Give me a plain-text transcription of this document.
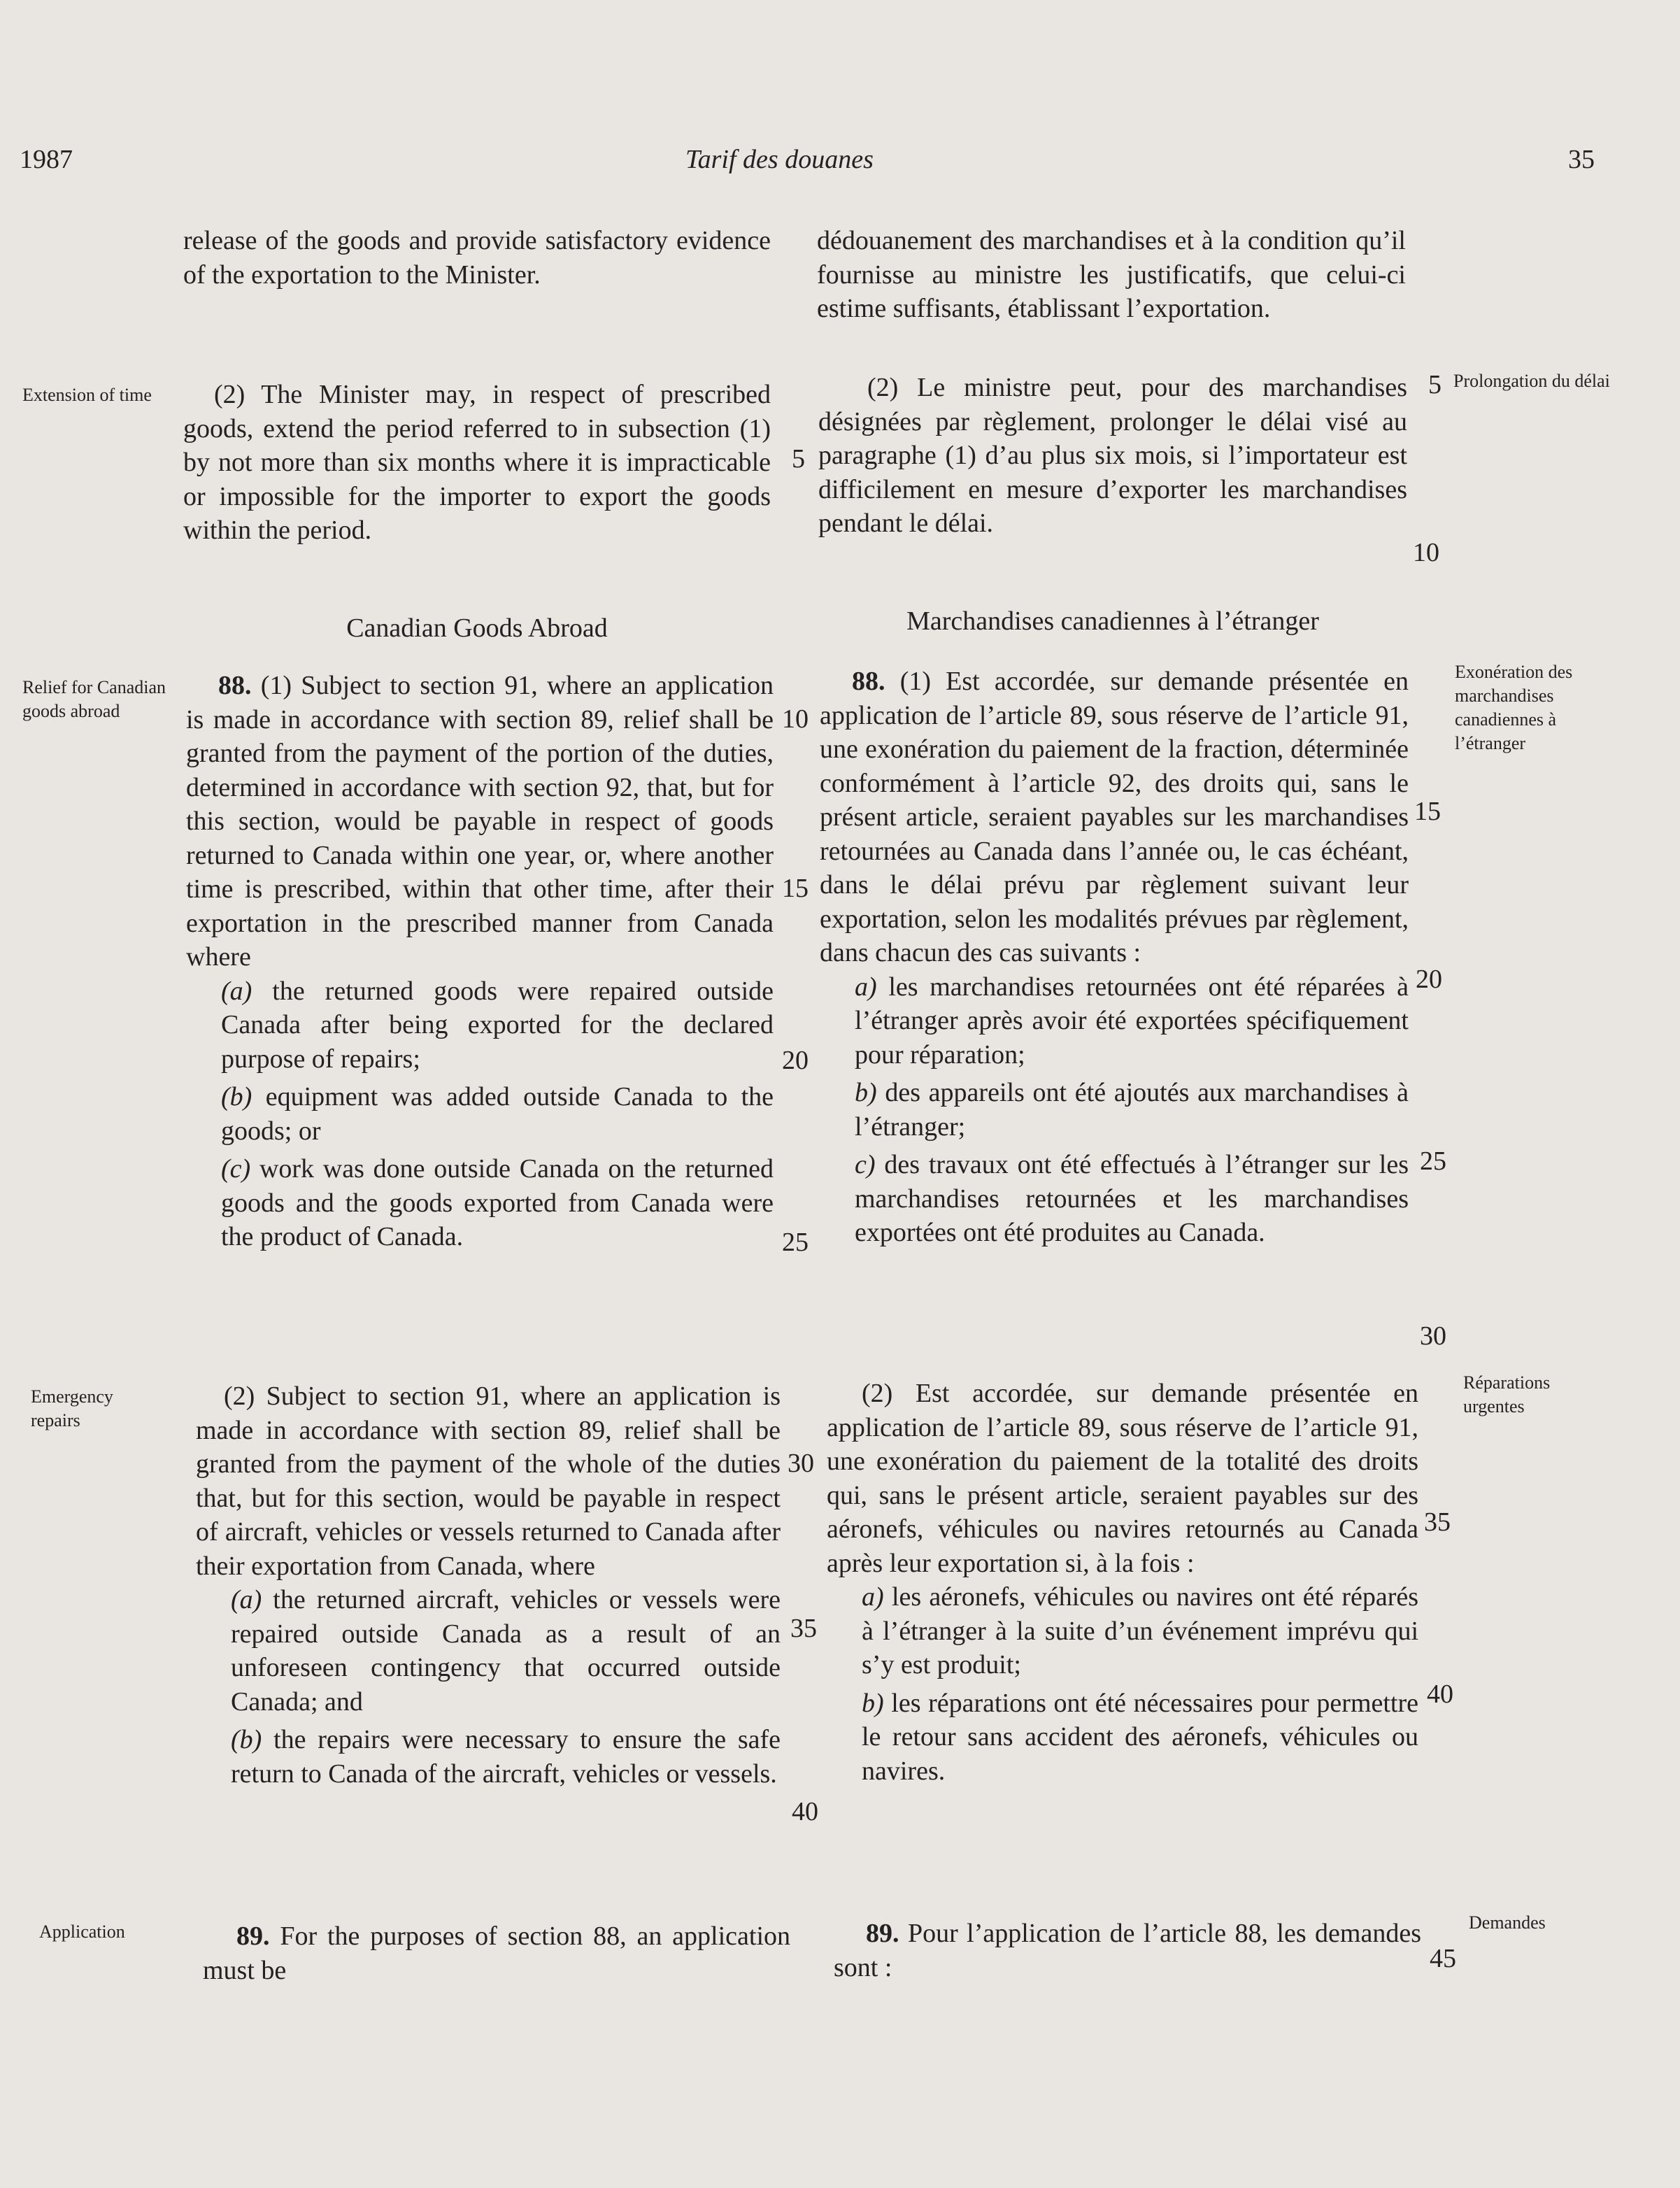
1987	Tarif des douanes	35
Extension of time
Relief for Canadian goods abroad
Emergency repairs
Application
Prolongation du délai
Exonération des marchandises canadiennes à l’étranger
Réparations urgentes
Demandes
release of the goods and provide satisfactory evidence of the exportation to the Minister.
(2) The Minister may, in respect of prescribed goods, extend the period referred to in subsection (1) by not more than six months where it is impracticable or impossible for the importer to export the goods within the period.
Canadian Goods Abroad

88. (1) Subject to section 91, where an application is made in accordance with section 89, relief shall be granted from the payment of the portion of the duties, determined in accordance with section 92, that, but for this section, would be payable in respect of goods returned to Canada within one year, or, where another time is prescribed, within that other time, after their exportation in the prescribed manner from Canada where

(a) the returned goods were repaired outside Canada after being exported for the declared purpose of repairs;

(b) equipment was added outside Canada to the goods; or

(c) work was done outside Canada on the returned goods and the goods exported from Canada were the product of Canada.

(2) Subject to section 91, where an application is made in accordance with section 89, relief shall be granted from the payment of the whole of the duties that, but for this section, would be payable in respect of aircraft, vehicles or vessels returned to Canada after their exportation from Canada, where

(a) the returned aircraft, vehicles or vessels were repaired outside Canada as a result of an unforeseen contingency that occurred outside Canada; and

(b) the repairs were necessary to ensure the safe return to Canada of the aircraft, vehicles or vessels.

89. For the purposes of section 88, an application must be

dédouanement des marchandises et à la condition qu’il fournisse au ministre les justificatifs, que celui-ci estime suffisants, établissant l’exportation.
(2) Le ministre peut, pour des marchandises désignées par règlement, prolonger le délai visé au paragraphe (1) d’au plus six mois, si l’importateur est difficilement en mesure d’exporter les marchandises pendant le délai.
Marchandises canadiennes à l’étranger

88. (1) Est accordée, sur demande présentée en application de l’article 89, sous réserve de l’article 91, une exonération du paiement de la fraction, déterminée conformément à l’article 92, des droits qui, sans le présent article, seraient payables sur les marchandises retournées au Canada dans l’année ou, le cas échéant, dans le délai prévu par règlement suivant leur exportation, selon les modalités prévues par règlement, dans chacun des cas suivants :

a) les marchandises retournées ont été réparées à l’étranger après avoir été exportées spécifiquement pour réparation;

b) des appareils ont été ajoutés aux marchandises à l’étranger;

c) des travaux ont été effectués à l’étranger sur les marchandises retournées et les marchandises exportées ont été produites au Canada.

(2) Est accordée, sur demande présentée en application de l’article 89, sous réserve de l’article 91, une exonération du paiement de la totalité des droits qui, sans le présent article, seraient payables sur des aéronefs, véhicules ou navires retournés au Canada après leur exportation si, à la fois :

a) les aéronefs, véhicules ou navires ont été réparés à l’étranger à la suite d’un événement imprévu qui s’y est produit;

b) les réparations ont été nécessaires pour permettre le retour sans accident des aéronefs, véhicules ou navires.

89. Pour l’application de l’article 88, les demandes sont :

5
10
15
20
25
30
35
40
5
10
15
20
25
30
35
40
45
